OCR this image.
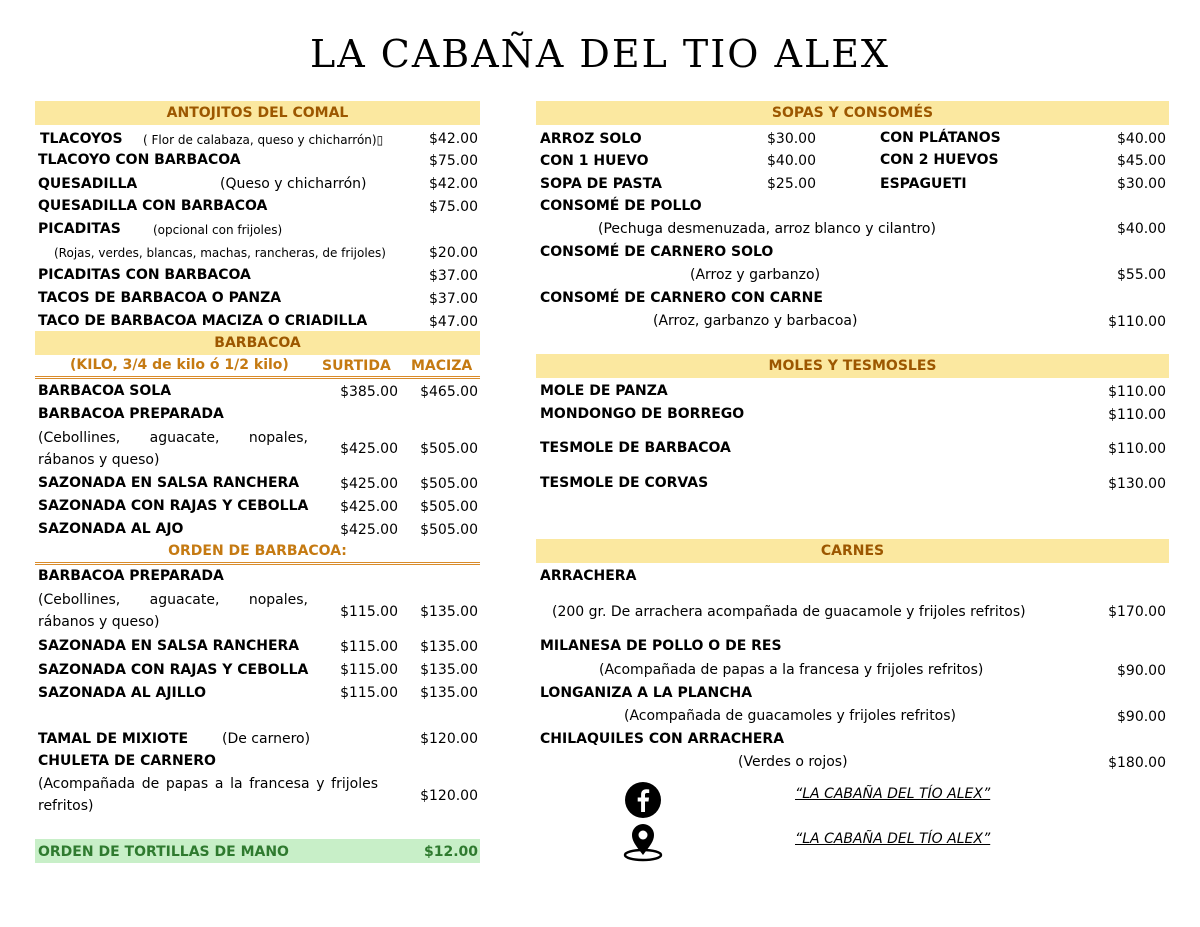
LA CABAÑA DEL TIO ALEX
ANTOJITOS DEL COMAL
TLACOYOS ( Flor de calabaza, queso y chicharrón)▯	$42.00
TLACOYO CON BARBACOA	$75.00
QUESADILLA	(Queso y chicharrón)	$42.00
QUESADILLA CON BARBACOA	$75.00
PICADITAS	(opcional con frijoles)
(Rojas, verdes, blancas, machas, rancheras, de frijoles)	$20.00
PICADITAS CON BARBACOA	$37.00
TACOS DE BARBACOA O PANZA	$37.00
TACO DE BARBACOA MACIZA O CRIADILLA	$47.00
BARBACOA
(KILO, 3/4 de kilo ó 1/2 kilo) SURTIDA MACIZA
BARBACOA SOLA	$385.00	$465.00
BARBACOA PREPARADA
(Cebollines, aguacate, nopales, rábanos y queso)
$425.00	$505.00
SAZONADA EN SALSA RANCHERA	$425.00	$505.00
SAZONADA CON RAJAS Y CEBOLLA	$425.00	$505.00
SAZONADA AL AJO	$425.00	$505.00
ORDEN DE BARBACOA:
BARBACOA PREPARADA
(Cebollines, aguacate, nopales, rábanos y queso)
$115.00	$135.00
SAZONADA EN SALSA RANCHERA	$115.00	$135.00
SAZONADA CON RAJAS Y CEBOLLA	$115.00	$135.00
SAZONADA AL AJILLO	$115.00	$135.00
TAMAL DE MIXIOTE (De carnero)	$120.00
CHULETA DE CARNERO
(Acompañada de papas a la francesa y frijoles refritos)
$120.00
ORDEN DE TORTILLAS DE MANO	$12.00
SOPAS Y CONSOMÉS
ARROZ SOLO	$30.00	CON PLÁTANOS	$40.00
CON 1 HUEVO	$40.00	CON 2 HUEVOS	$45.00
SOPA DE PASTA	$25.00	ESPAGUETI	$30.00
CONSOMÉ DE POLLO
(Pechuga desmenuzada, arroz blanco y cilantro)	$40.00
CONSOMÉ DE CARNERO SOLO
(Arroz y garbanzo)	$55.00
CONSOMÉ DE CARNERO CON CARNE
(Arroz, garbanzo y barbacoa)	$110.00
MOLES Y TESMOSLES
MOLE DE PANZA	$110.00
MONDONGO DE BORREGO	$110.00
TESMOLE DE BARBACOA	$110.00
TESMOLE DE CORVAS	$130.00
CARNES
ARRACHERA
(200 gr. De arrachera acompañada de guacamole y frijoles refritos)	$170.00
MILANESA DE POLLO O DE RES
(Acompañada de papas a la francesa y frijoles refritos)	$90.00
LONGANIZA A LA PLANCHA
(Acompañada de guacamoles y frijoles refritos)	$90.00
CHILAQUILES CON ARRACHERA
(Verdes o rojos)	$180.00
“LA CABAÑA DEL TÍO ALEX”
“LA CABAÑA DEL TÍO ALEX”
